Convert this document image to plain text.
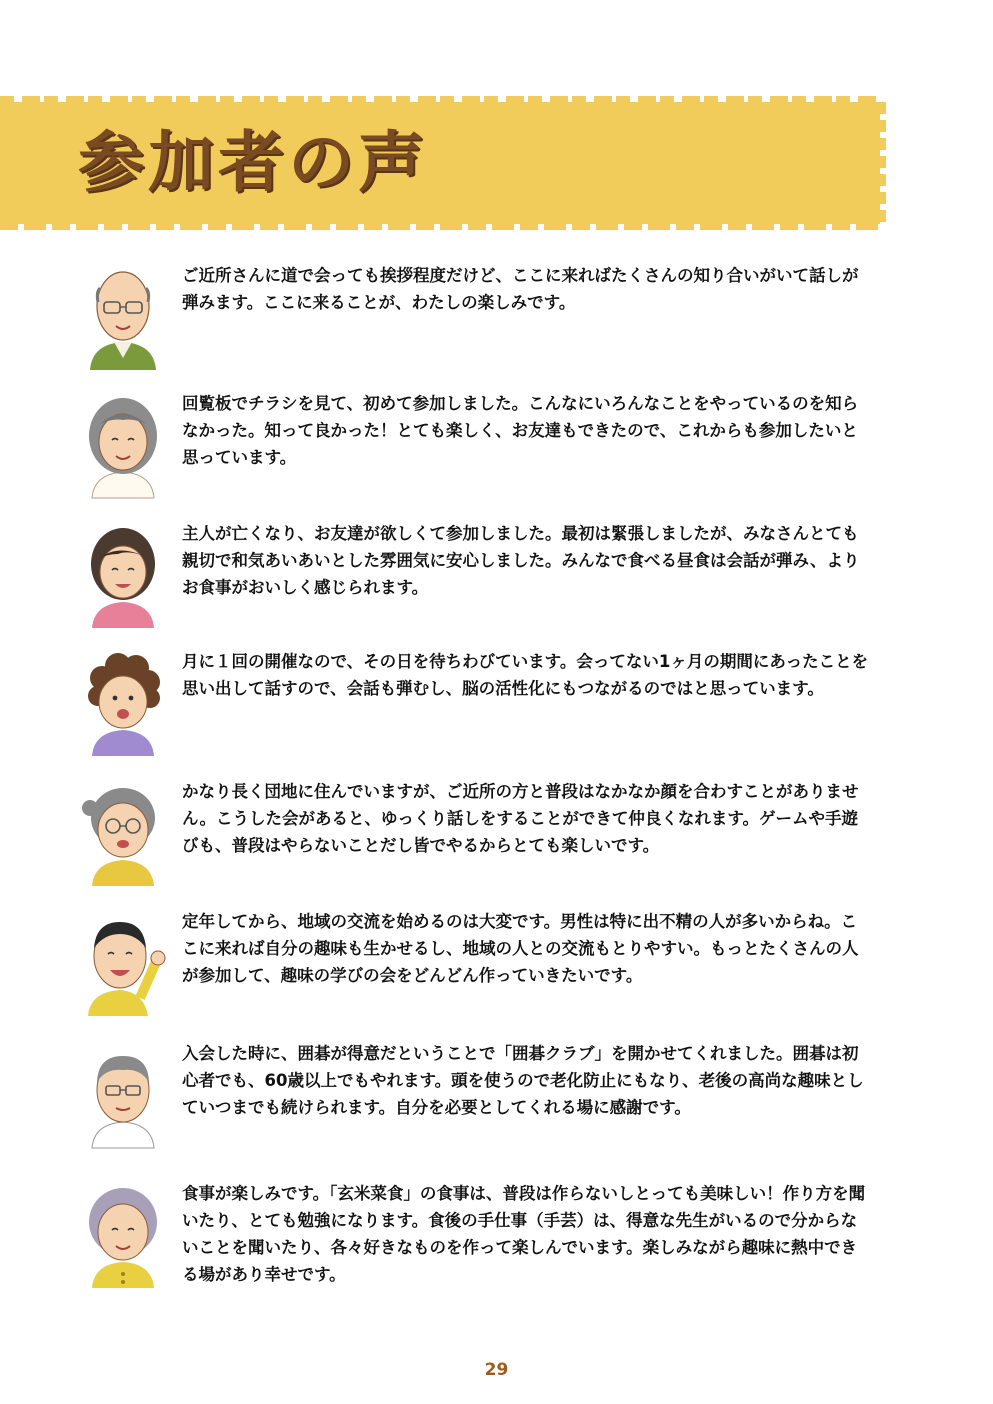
参加者の声

ご近所さんに道で会っても挨拶程度だけど、ここに来ればたくさんの知り合いがいて話しが弾みます。ここに来ることが、わたしの楽しみです。

回覧板でチラシを見て、初めて参加しました。こんなにいろんなことをやっているのを知らなかった。知って良かった！とても楽しく、お友達もできたので、これからも参加したいと思っています。

主人が亡くなり、お友達が欲しくて参加しました。最初は緊張しましたが、みなさんとても親切で和気あいあいとした雰囲気に安心しました。みんなで食べる昼食は会話が弾み、よりお食事がおいしく感じられます。

月に１回の開催なので、その日を待ちわびています。会ってない1ヶ月の期間にあったことを思い出して話すので、会話も弾むし、脳の活性化にもつながるのではと思っています。

かなり長く団地に住んでいますが、ご近所の方と普段はなかなか顔を合わすことがありません。こうした会があると、ゆっくり話しをすることができて仲良くなれます。ゲームや手遊びも、普段はやらないことだし皆でやるからとても楽しいです。

定年してから、地域の交流を始めるのは大変です。男性は特に出不精の人が多いからね。ここに来れば自分の趣味も生かせるし、地域の人との交流もとりやすい。もっとたくさんの人が参加して、趣味の学びの会をどんどん作っていきたいです。

入会した時に、囲碁が得意だということで「囲碁クラブ」を開かせてくれました。囲碁は初心者でも、60歳以上でもやれます。頭を使うので老化防止にもなり、老後の高尚な趣味としていつまでも続けられます。自分を必要としてくれる場に感謝です。

食事が楽しみです。「玄米菜食」の食事は、普段は作らないしとっても美味しい！作り方を聞いたり、とても勉強になります。食後の手仕事（手芸）は、得意な先生がいるので分からないことを聞いたり、各々好きなものを作って楽しんでいます。楽しみながら趣味に熱中できる場があり幸せです。

29
